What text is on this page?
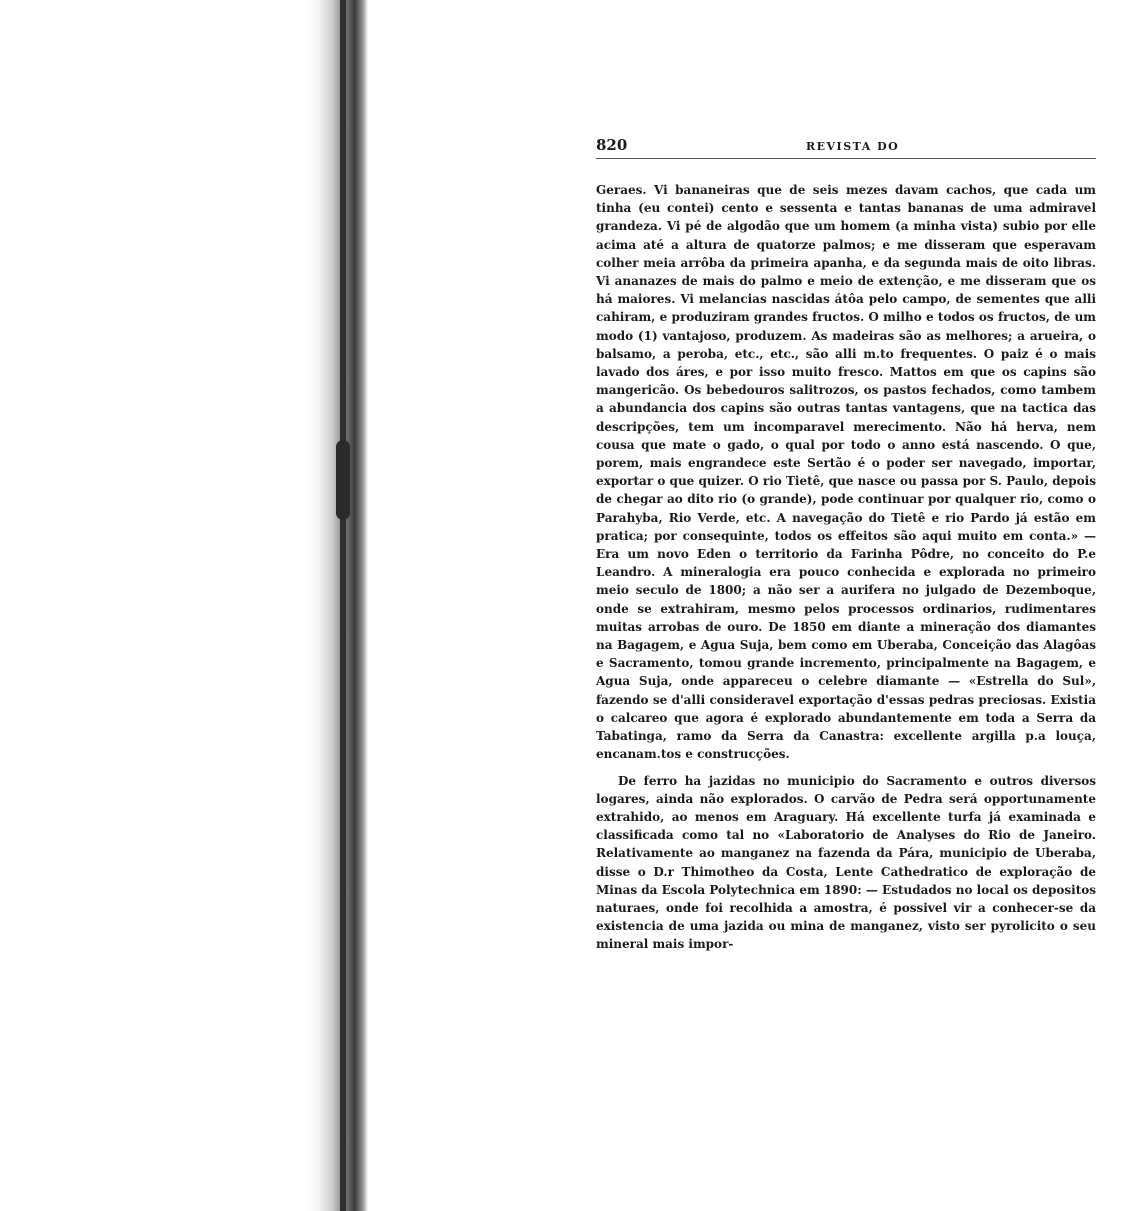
820	REVISTA DO

Geraes. Vi bananeiras que de seis mezes davam cachos, que cada um tinha (eu contei) cento e sessenta e tantas bananas de uma admiravel grandeza. Vi pé de algodão que um homem (a minha vista) subio por elle acima até a altura de quatorze palmos; e me disseram que esperavam colher meia arrôba da primeira apanha, e da segunda mais de oito libras. Vi ananazes de mais do palmo e meio de extenção, e me disseram que os há maiores. Vi melancias nascidas átôa pelo campo, de sementes que alli cahiram, e produziram grandes fructos. O milho e todos os fructos, de um modo (1) vantajoso, produzem. As madeiras são as melhores; a arueira, o balsamo, a peroba, etc., etc., são alli m.to frequentes. O paiz é o mais lavado dos áres, e por isso muito fresco. Mattos em que os capins são mangericão. Os bebedouros salitrozos, os pastos fechados, como tambem a abundancia dos capins são outras tantas vantagens, que na tactica das descripções, tem um incomparavel merecimento. Não há herva, nem cousa que mate o gado, o qual por todo o anno está nascendo. O que, porem, mais engrandece este Sertão é o poder ser navegado, importar, exportar o que quizer. O rio Tietê, que nasce ou passa por S. Paulo, depois de chegar ao dito rio (o grande), pode continuar por qualquer rio, como o Parahyba, Rio Verde, etc. A navegação do Tietê e rio Pardo já estão em pratica; por consequinte, todos os effeitos são aqui muito em conta.» — Era um novo Eden o territorio da Farinha Pôdre, no conceito do P.e Leandro. A mineralogia era pouco conhecida e explorada no primeiro meio seculo de 1800; a não ser a aurifera no julgado de Dezemboque, onde se extrahiram, mesmo pelos processos ordinarios, rudimentares muitas arrobas de ouro. De 1850 em diante a mineração dos diamantes na Bagagem, e Agua Suja, bem como em Uberaba, Conceição das Alagôas e Sacramento, tomou grande incremento, principalmente na Bagagem, e Agua Suja, onde appareceu o celebre diamante — «Estrella do Sul», fazendo se d'alli consideravel exportação d'essas pedras preciosas. Existia o calcareo que agora é explorado abundantemente em toda a Serra da Tabatinga, ramo da Serra da Canastra: excellente argilla p.a louça, encanam.tos e construcções.

De ferro ha jazidas no municipio do Sacramento e outros diversos logares, ainda não explorados. O carvão de Pedra será opportunamente extrahido, ao menos em Araguary. Há excellente turfa já examinada e classificada como tal no «Laboratorio de Analyses do Rio de Janeiro. Relativamente ao manganez na fazenda da Pára, municipio de Uberaba, disse o D.r Thimotheo da Costa, Lente Cathedratico de exploração de Minas da Escola Polytechnica em 1890: — Estudados no local os depositos naturaes, onde foi recolhida a amostra, é possivel vir a conhecer-se da existencia de uma jazida ou mina de manganez, visto ser pyrolicito o seu mineral mais impor-
